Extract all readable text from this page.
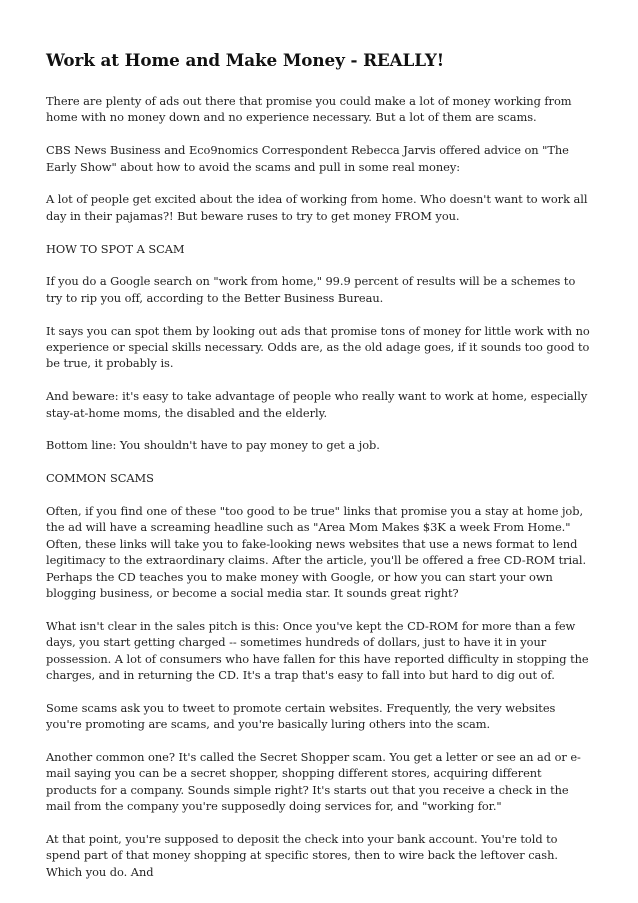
Work at Home and Make Money - REALLY!

There are plenty of ads out there that promise you could make a lot of money working from home with no money down and no experience necessary. But a lot of them are scams.

CBS News Business and Eco9nomics Correspondent Rebecca Jarvis offered advice on "The Early Show" about how to avoid the scams and pull in some real money:

A lot of people get excited about the idea of working from home. Who doesn't want to work all day in their pajamas?! But beware ruses to try to get money FROM you.

HOW TO SPOT A SCAM

If you do a Google search on "work from home," 99.9 percent of results will be a schemes to try to rip you off, according to the Better Business Bureau.

It says you can spot them by looking out ads that promise tons of money for little work with no experience or special skills necessary. Odds are, as the old adage goes, if it sounds too good to be true, it probably is.

And beware: it's easy to take advantage of people who really want to work at home, especially stay-at-home moms, the disabled and the elderly.

Bottom line: You shouldn't have to pay money to get a job.

COMMON SCAMS

Often, if you find one of these "too good to be true" links that promise you a stay at home job, the ad will have a screaming headline such as "Area Mom Makes $3K a week From Home." Often, these links will take you to fake-looking news websites that use a news format to lend legitimacy to the extraordinary claims. After the article, you'll be offered a free CD-ROM trial. Perhaps the CD teaches you to make money with Google, or how you can start your own blogging business, or become a social media star. It sounds great right?

What isn't clear in the sales pitch is this: Once you've kept the CD-ROM for more than a few days, you start getting charged -- sometimes hundreds of dollars, just to have it in your possession. A lot of consumers who have fallen for this have reported difficulty in stopping the charges, and in returning the CD. It's a trap that's easy to fall into but hard to dig out of.

Some scams ask you to tweet to promote certain websites. Frequently, the very websites you're promoting are scams, and you're basically luring others into the scam.

Another common one? It's called the Secret Shopper scam. You get a letter or see an ad or e-mail saying you can be a secret shopper, shopping different stores, acquiring different products for a company. Sounds simple right? It's starts out that you receive a check in the mail from the company you're supposedly doing services for, and "working for."

At that point, you're supposed to deposit the check into your bank account. You're told to spend part of that money shopping at specific stores, then to wire back the leftover cash. Which you do. And
